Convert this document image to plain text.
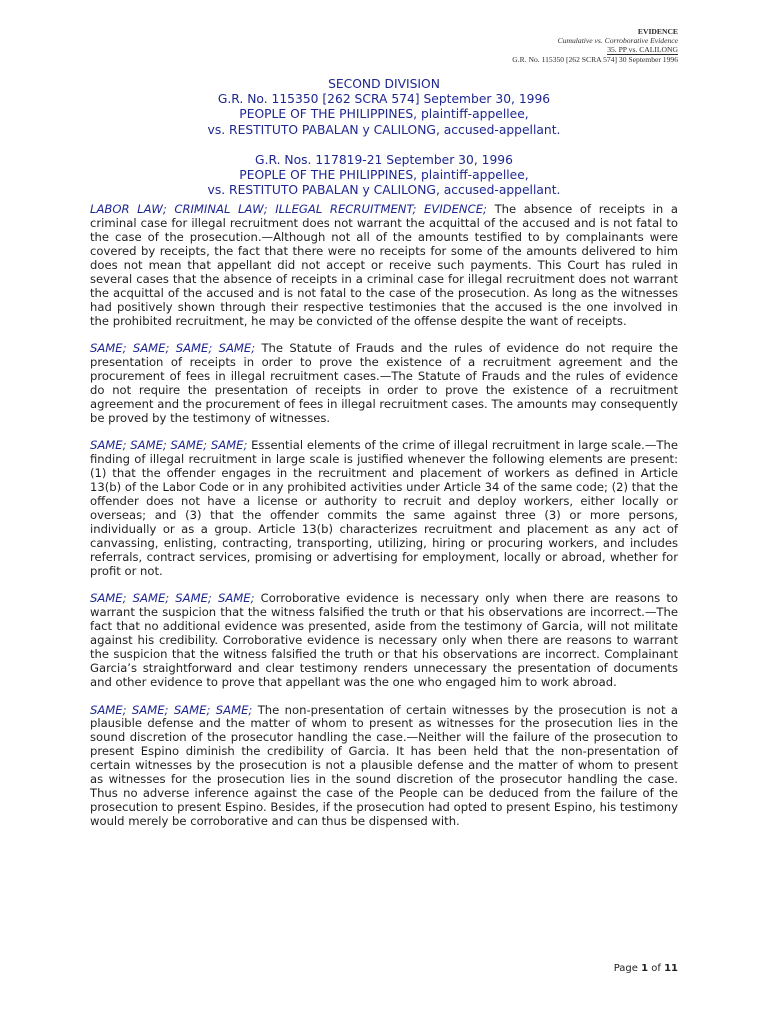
EVIDENCE
Cumulative vs. Corroborative Evidence
35. PP vs. CALILONG
G.R. No. 115350 [262 SCRA 574] 30 September 1996
SECOND DIVISION
G.R. No. 115350 [262 SCRA 574] September 30, 1996
PEOPLE OF THE PHILIPPINES, plaintiff-appellee,
vs. RESTITUTO PABALAN y CALILONG, accused-appellant.
G.R. Nos. 117819-21 September 30, 1996
PEOPLE OF THE PHILIPPINES, plaintiff-appellee,
vs. RESTITUTO PABALAN y CALILONG, accused-appellant.

LABOR LAW; CRIMINAL LAW; ILLEGAL RECRUITMENT; EVIDENCE; The absence of receipts in a criminal case for illegal recruitment does not warrant the acquittal of the accused and is not fatal to the case of the prosecution.—Although not all of the amounts testified to by complainants were covered by receipts, the fact that there were no receipts for some of the amounts delivered to him does not mean that appellant did not accept or receive such payments. This Court has ruled in several cases that the absence of receipts in a criminal case for illegal recruitment does not warrant the acquittal of the accused and is not fatal to the case of the prosecution. As long as the witnesses had positively shown through their respective testimonies that the accused is the one involved in the prohibited recruitment, he may be convicted of the offense despite the want of receipts.

SAME; SAME; SAME; SAME; The Statute of Frauds and the rules of evidence do not require the presentation of receipts in order to prove the existence of a recruitment agreement and the procurement of fees in illegal recruitment cases.—The Statute of Frauds and the rules of evidence do not require the presentation of receipts in order to prove the existence of a recruitment agreement and the procurement of fees in illegal recruitment cases. The amounts may consequently be proved by the testimony of witnesses.

SAME; SAME; SAME; SAME; Essential elements of the crime of illegal recruitment in large scale.—The finding of illegal recruitment in large scale is justified whenever the following elements are present: (1) that the offender engages in the recruitment and placement of workers as defined in Article 13(b) of the Labor Code or in any prohibited activities under Article 34 of the same code; (2) that the offender does not have a license or authority to recruit and deploy workers, either locally or overseas; and (3) that the offender commits the same against three (3) or more persons, individually or as a group. Article 13(b) characterizes recruitment and placement as any act of canvassing, enlisting, contracting, transporting, utilizing, hiring or procuring workers, and includes referrals, contract services, promising or advertising for employment, locally or abroad, whether for profit or not.

SAME; SAME; SAME; SAME; Corroborative evidence is necessary only when there are reasons to warrant the suspicion that the witness falsified the truth or that his observations are incorrect.—The fact that no additional evidence was presented, aside from the testimony of Garcia, will not militate against his credibility. Corroborative evidence is necessary only when there are reasons to warrant the suspicion that the witness falsified the truth or that his observations are incorrect. Complainant Garcia’s straightforward and clear testimony renders unnecessary the presentation of documents and other evidence to prove that appellant was the one who engaged him to work abroad.

SAME; SAME; SAME; SAME; The non-presentation of certain witnesses by the prosecution is not a plausible defense and the matter of whom to present as witnesses for the prosecution lies in the sound discretion of the prosecutor handling the case.—Neither will the failure of the prosecution to present Espino diminish the credibility of Garcia. It has been held that the non-presentation of certain witnesses by the prosecution is not a plausible defense and the matter of whom to present as witnesses for the prosecution lies in the sound discretion of the prosecutor handling the case. Thus no adverse inference against the case of the People can be deduced from the failure of the prosecution to present Espino. Besides, if the prosecution had opted to present Espino, his testimony would merely be corroborative and can thus be dispensed with.

Page 1 of 11
